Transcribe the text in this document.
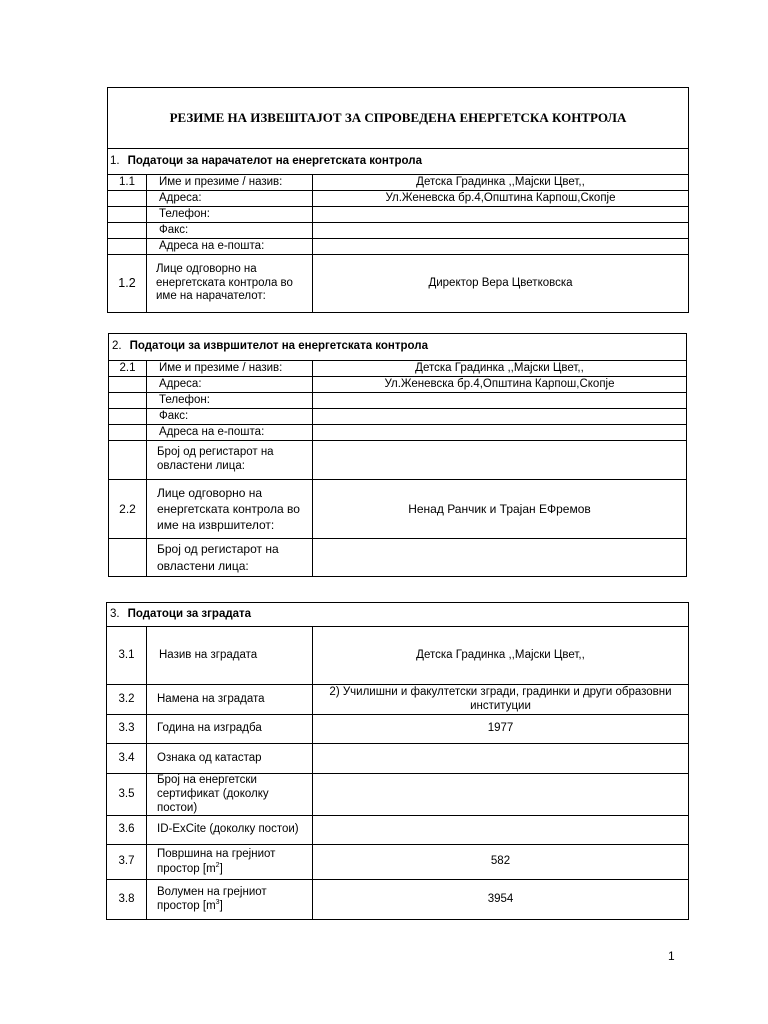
РЕЗИМЕ НА ИЗВЕШТАЈОТ ЗА СПРОВЕДЕНА ЕНЕРГЕТСКА КОНТРОЛА		
1. Податоци за нарачателот на енергетската контрола		
1.1	Име и презиме / назив:	Детска Градинка ,,Мајски Цвет,,
	Адреса:	Ул.Женевска бр.4,Општина Карпош,Скопје
	Телефон:	
	Факс:	
	Адреса на е-пошта:	
1.2	Лице одговорно на енергетската контрола во име на нарачателот:	Директор Вера Цветковска
2. Податоци за извршителот на енергетската контрола		
2.1	Име и презиме / назив:	Детска Градинка ,,Мајски Цвет,,
	Адреса:	Ул.Женевска бр.4,Општина Карпош,Скопје
	Телефон:	
	Факс:	
	Адреса на е-пошта:	
	Број од регистарот на овластени лица:	
2.2	Лице одговорно на енергетската контрола во име на извршителот:	Ненад Ранчик и Трајан ЕФремов
	Број од регистарот на овластени лица:	
3. Податоци за зградата		
3.1	Назив на зградата	Детска Градинка ,,Мајски Цвет,,
3.2	Намена на зградата	2) Училишни и факултетски згради, градинки и други образовни институции
3.3	Година на изградба	1977
3.4	Ознака од катастар	
3.5	Број на енергетски сертификат (доколку постои)	
3.6	ID-ExCite (доколку постои)	
3.7	Површина на грејниот простор $[m^2]$	582
3.8	Волумен на грејниот простор $[m^3]$	3954
1
